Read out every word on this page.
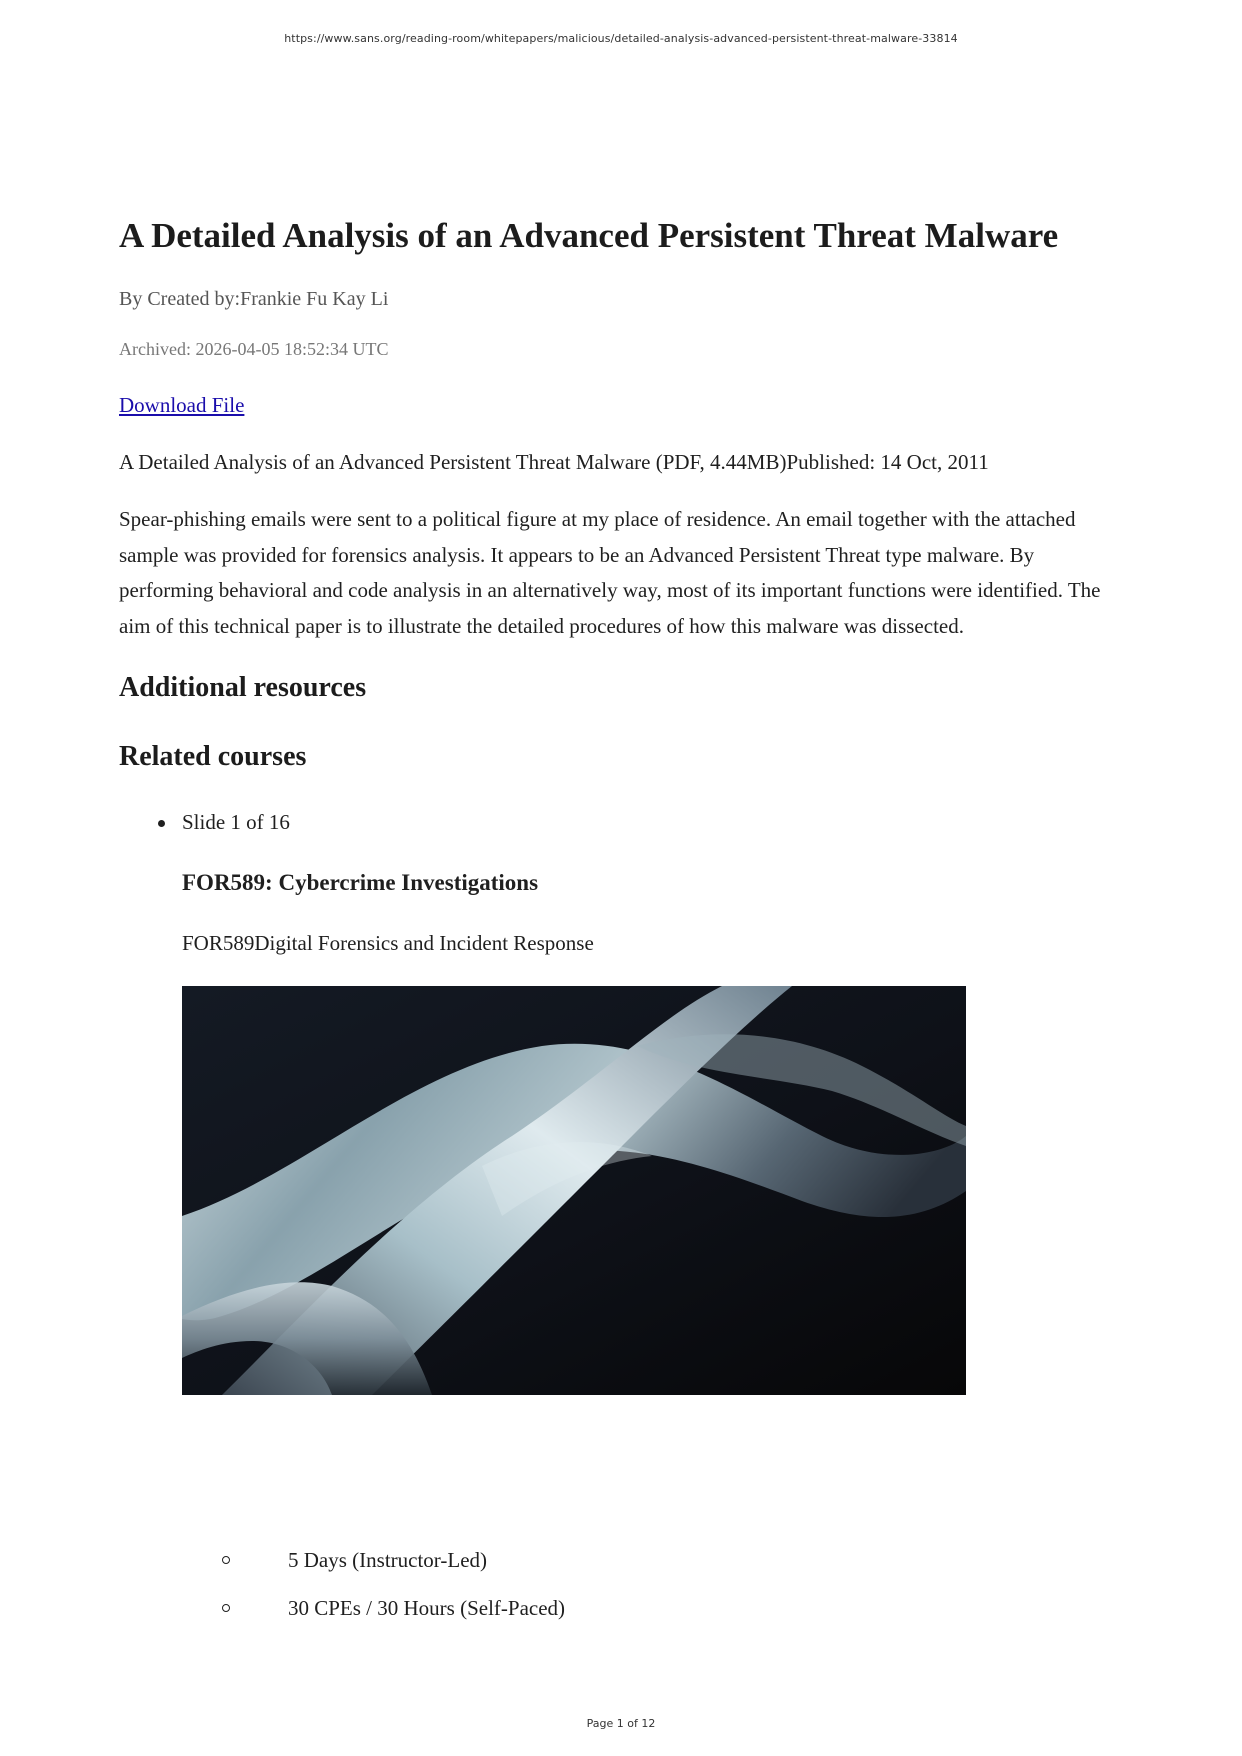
https://www.sans.org/reading-room/whitepapers/malicious/detailed-analysis-advanced-persistent-threat-malware-33814
A Detailed Analysis of an Advanced Persistent Threat Malware
By Created by:Frankie Fu Kay Li
Archived: 2026-04-05 18:52:34 UTC
Download File
A Detailed Analysis of an Advanced Persistent Threat Malware (PDF, 4.44MB)Published: 14 Oct, 2011

Spear-phishing emails were sent to a political figure at my place of residence. An email together with the attached sample was provided for forensics analysis. It appears to be an Advanced Persistent Threat type malware. By performing behavioral and code analysis in an alternatively way, most of its important functions were identified. The aim of this technical paper is to illustrate the detailed procedures of how this malware was dissected.

Additional resources
Related courses
Slide 1 of 16
FOR589: Cybercrime Investigations
FOR589Digital Forensics and Incident Response
5 Days (Instructor-Led)
30 CPEs / 30 Hours (Self-Paced)
Page 1 of 12
